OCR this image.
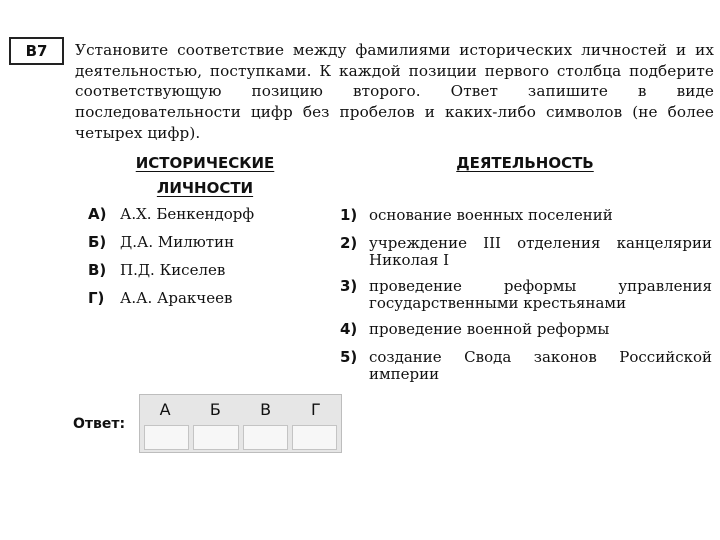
В7	Установите соответствие между фамилиями исторических личностей и их деятельностью, поступками. К каждой позиции первого столбца подберите соответствующую позицию второго. Ответ запишите в виде последовательности цифр без пробелов и каких-либо символов (не более четырех цифр).

ИСТОРИЧЕСКИЕ ЛИЧНОСТИ
ДЕЯТЕЛЬНОСТЬ
А) А.Х. Бенкендорф
Б) Д.А. Милютин
В) П.Д. Киселев
Г)	А.А. Аракчеев
1) основание военных поселений
2) учреждение III отделения канцелярии Николая I
3) проведение реформы управления государственными крестьянами
4) проведение военной реформы
5) создание Свода законов Российской империи
Ответ:
А	Б	В	Г
